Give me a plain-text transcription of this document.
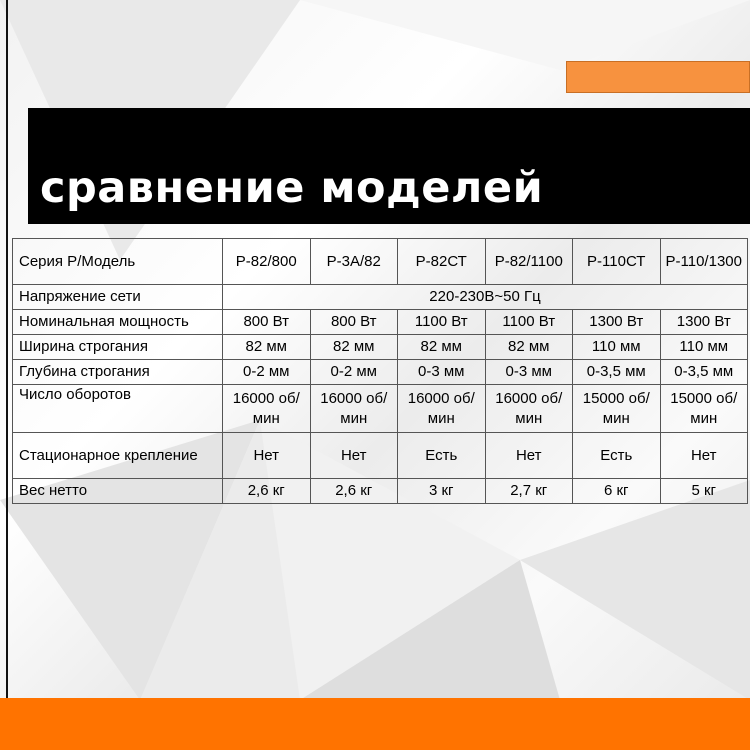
сравнение моделей
Серия Р/Модель	Р-82/800	Р-3А/82	Р-82СТ	Р-82/1100	Р-110СТ	Р-110/1300
Напряжение сети	220-230В~50 Гц					
Номинальная мощность	800 Вт	800 Вт	1100 Вт	1100 Вт	1300 Вт	1300 Вт
Ширина строгания	82 мм	82 мм	82 мм	82 мм	110 мм	110 мм
Глубина строгания	0-2 мм	0-2 мм	0-3 мм	0-3 мм	0-3,5 мм	0-3,5 мм
Число оборотов	16000 об/мин	16000 об/мин	16000 об/мин	16000 об/мин	15000 об/мин	15000 об/мин
Стационарное крепление	Нет	Нет	Есть	Нет	Есть	Нет
Вес нетто	2,6 кг	2,6 кг	3 кг	2,7 кг	6 кг	5 кг
